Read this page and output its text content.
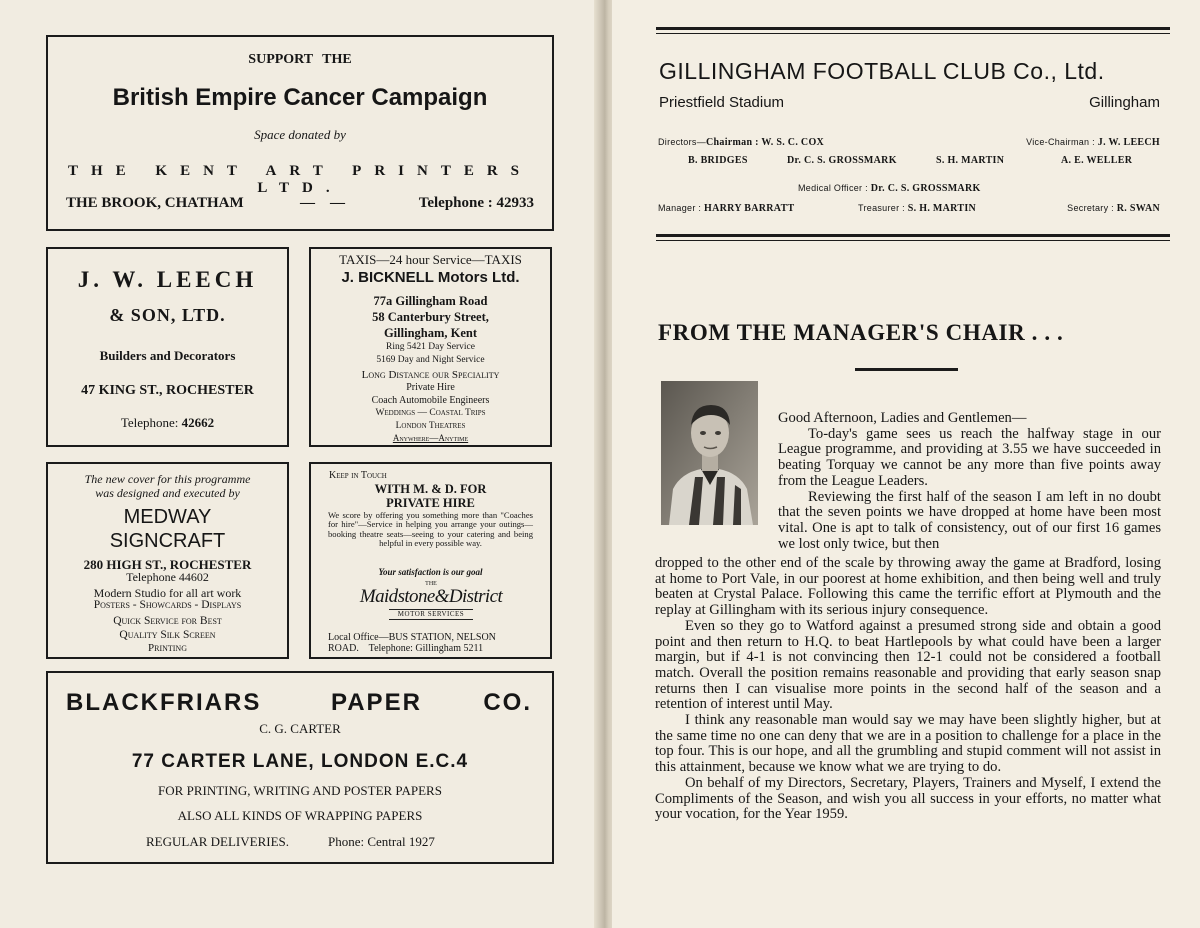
SUPPORT THE
British Empire Cancer Campaign
Space donated by
THE KENT ART PRINTERS LTD.
THE BROOK, CHATHAM	—    —	Telephone : 42933
J. W. LEECH
& SON, LTD.
Builders and Decorators
47 KING ST., ROCHESTER
Telephone: 42662
TAXIS—24 hour Service—TAXIS
J. BICKNELL Motors Ltd.
77a Gillingham Road
58 Canterbury Street,
Gillingham, Kent
Ring 5421 Day Service
5169 Day and Night Service
Long Distance our Speciality
Private Hire
Coach Automobile Engineers
Weddings — Coastal Trips
London Theatres
Anywhere—Anytime
The new cover for this programme
was designed and executed by
MEDWAY
SIGNCRAFT
280 HIGH ST., ROCHESTER
Telephone 44602
Modern Studio for all art work
Posters - Showcards - Displays
Quick Service for Best
Quality Silk Screen
Printing
Keep in Touch
WITH M. & D. FOR
PRIVATE HIRE
We score by offering you something more than "Coaches for hire"—Service in helping you arrange your outings—booking theatre seats—seeing to your catering and being helpful in every possible way.
Your satisfaction is our goal
THE
Maidstone&District
MOTOR SERVICES
Local Office—BUS STATION, NELSON
ROAD.    Telephone: Gillingham 5211
BLACKFRIARS	PAPER	CO.
C. G. CARTER
77 CARTER LANE, LONDON E.C.4
FOR PRINTING, WRITING AND POSTER PAPERS
ALSO ALL KINDS OF WRAPPING PAPERS
REGULAR DELIVERIES.	Phone: Central 1927
GILLINGHAM FOOTBALL CLUB Co., Ltd.
Priestfield Stadium	Gillingham
Directors—Chairman : W. S. C. COX	Vice-Chairman : J. W. LEECH
B. BRIDGES	Dr. C. S. GROSSMARK	S. H. MARTIN	A. E. WELLER
Medical Officer : Dr. C. S. GROSSMARK
Manager : HARRY BARRATT	Treasurer : S. H. MARTIN	Secretary : R. SWAN
FROM THE MANAGER'S CHAIR . . .
Good Afternoon, Ladies and Gentlemen—

To-day's game sees us reach the halfway stage in our League programme, and providing at 3.55 we have succeeded in beating Torquay we cannot be any more than five points away from the League Leaders.

Reviewing the first half of the season I am left in no doubt that the seven points we have dropped at home have been most vital. One is apt to talk of consistency, out of our first 16 games we lost only twice, but then

dropped to the other end of the scale by throwing away the game at Bradford, losing at home to Port Vale, in our poorest at home exhibition, and then being well and truly beaten at Crystal Palace. Following this came the terrific effort at Plymouth and the replay at Gillingham with its serious injury consequence.

Even so they go to Watford against a presumed strong side and obtain a good point and then return to H.Q. to beat Hartlepools by what could have been a larger margin, but if 4-1 is not convincing then 12-1 could not be considered a football match. Overall the position remains reasonable and providing that early season snap returns then I can visualise more points in the second half of the season and a retention of interest until May.

I think any reasonable man would say we may have been slightly higher, but at the same time no one can deny that we are in a position to challenge for a place in the top four. This is our hope, and all the grumbling and stupid comment will not assist in this attainment, because we know what we are trying to do.

On behalf of my Directors, Secretary, Players, Trainers and Myself, I extend the Compliments of the Season, and wish you all success in your efforts, no matter what your vocation, for the Year 1959.
